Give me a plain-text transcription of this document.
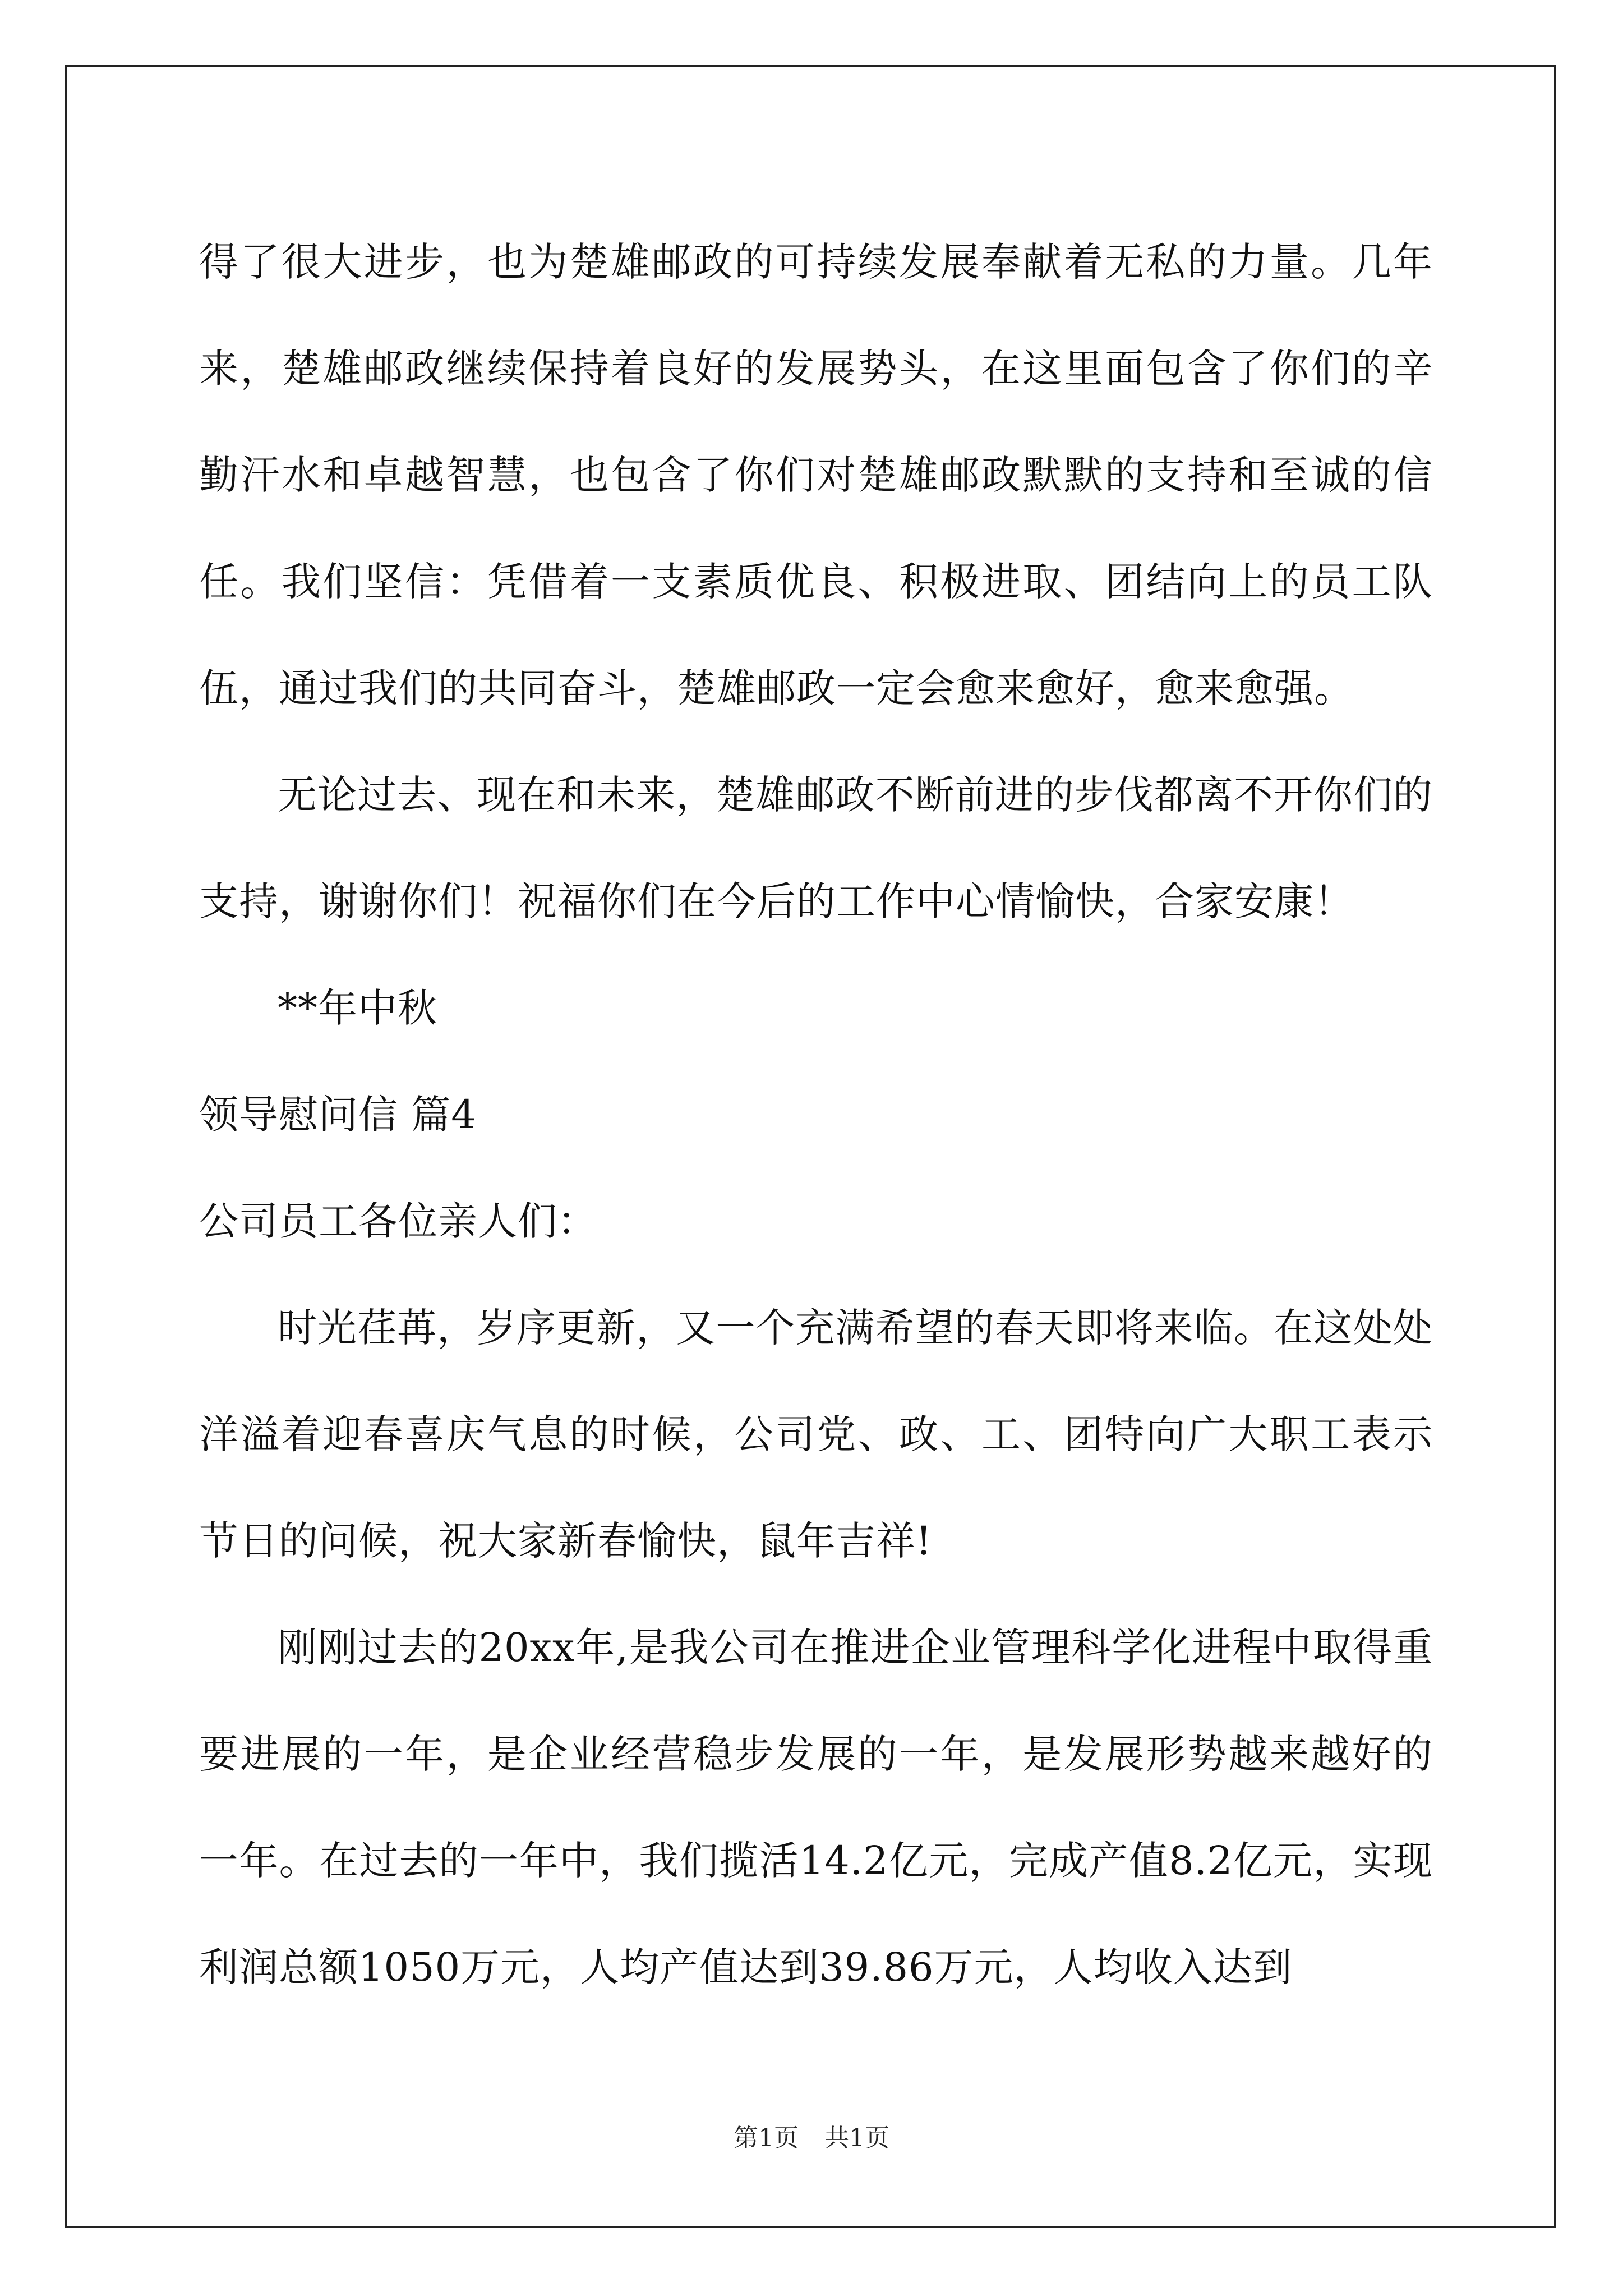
得了很大进步，也为楚雄邮政的可持续发展奉献着无私的力量。几年来，楚雄邮政继续保持着良好的发展势头，在这里面包含了你们的辛勤汗水和卓越智慧，也包含了你们对楚雄邮政默默的支持和至诚的信任。我们坚信：凭借着一支素质优良、积极进取、团结向上的员工队伍，通过我们的共同奋斗，楚雄邮政一定会愈来愈好，愈来愈强。

无论过去、现在和未来，楚雄邮政不断前进的步伐都离不开你们的支持，谢谢你们！祝福你们在今后的工作中心情愉快，合家安康！

**年中秋

领导慰问信 篇4

公司员工各位亲人们：

时光荏苒，岁序更新，又一个充满希望的春天即将来临。在这处处洋溢着迎春喜庆气息的时候，公司党、政、工、团特向广大职工表示节日的问候，祝大家新春愉快，鼠年吉祥!

刚刚过去的20xx年,是我公司在推进企业管理科学化进程中取得重要进展的一年，是企业经营稳步发展的一年，是发展形势越来越好的一年。在过去的一年中，我们揽活14.2亿元，完成产值8.2亿元，实现利润总额1050万元，人均产值达到39.86万元，人均收入达到

第1页 共1页
